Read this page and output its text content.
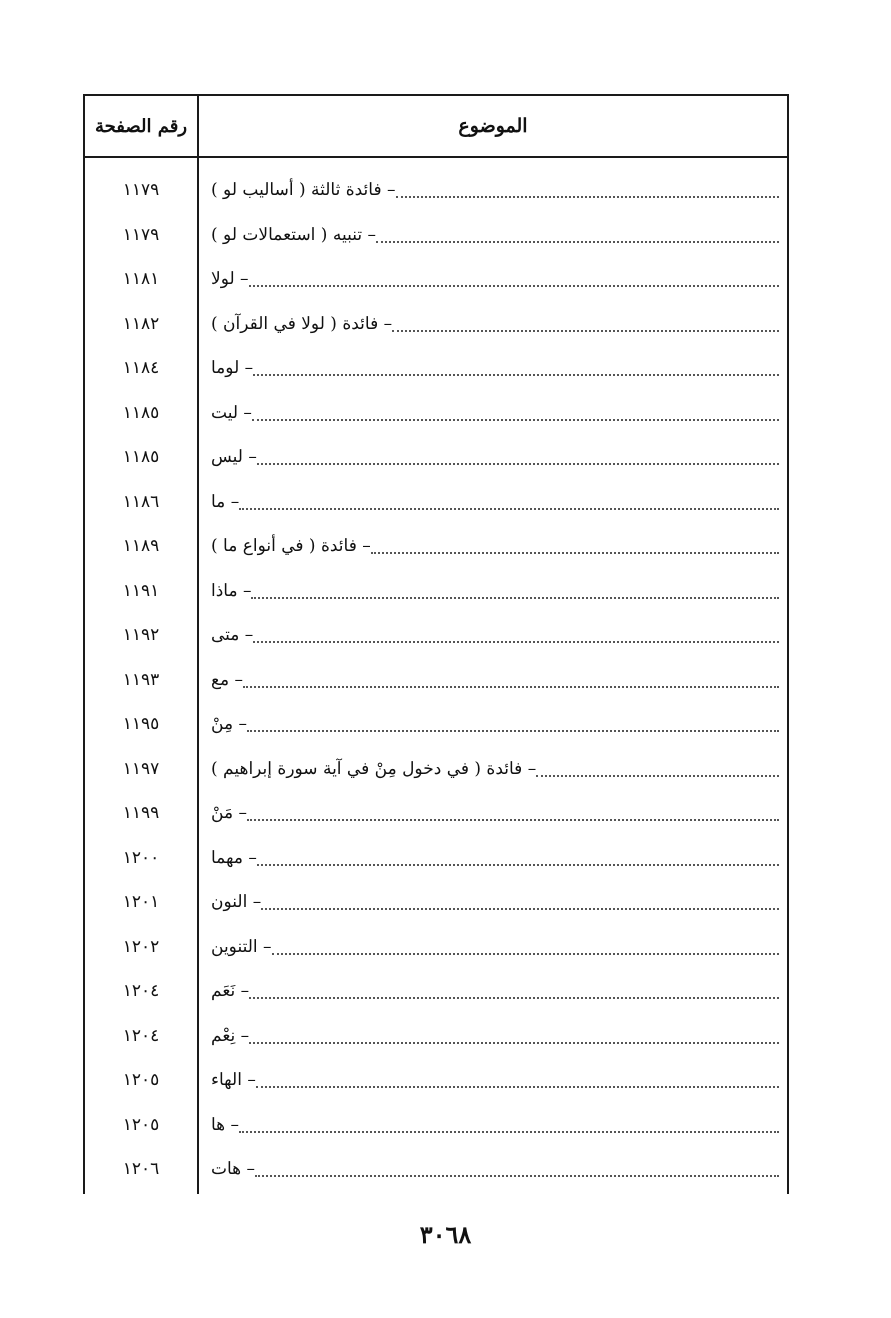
رقم الصفحة	الموضوع
١١٧٩	– فائدة ثالثة ( أساليب لو )
١١٧٩	– تنبيه ( استعمالات لو )
١١٨١	– لولا
١١٨٢	– فائدة ( لولا في القرآن )
١١٨٤	– لوما
١١٨٥	– ليت
١١٨٥	– ليس
١١٨٦	– ما
١١٨٩	– فائدة ( في أنواع ما )
١١٩١	– ماذا
١١٩٢	– متى
١١٩٣	– مع
١١٩٥	– مِنْ
١١٩٧	– فائدة ( في دخول مِنْ في آية سورة إبراهيم )
١١٩٩	– مَنْ
١٢٠٠	– مهما
١٢٠١	– النون
١٢٠٢	– التنوين
١٢٠٤	– نَعَم
١٢٠٤	– نِعْم
١٢٠٥	– الهاء
١٢٠٥	– ها
١٢٠٦	– هات
٣٠٦٨
